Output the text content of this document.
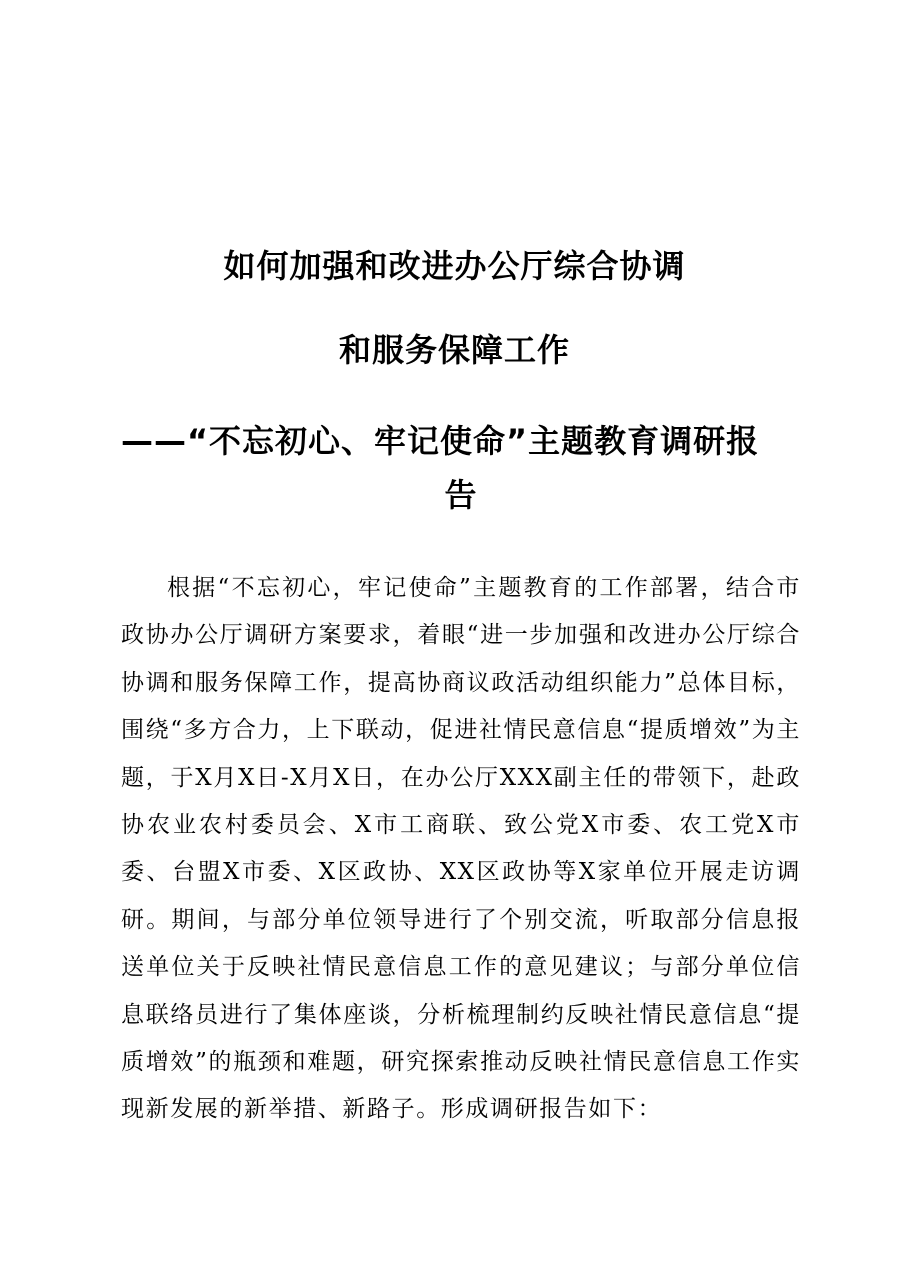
如何加强和改进办公厅综合协调
和服务保障工作
——“不忘初心、牢记使命”主题教育调研报
告

根据“不忘初心，牢记使命”主题教育的工作部署，结合市政协办公厅调研方案要求，着眼“进一步加强和改进办公厅综合协调和服务保障工作，提高协商议政活动组织能力”总体目标，围绕“多方合力，上下联动，促进社情民意信息“提质增效”为主题，于X月X日-X月X日，在办公厅XXX副主任的带领下，赴政协农业农村委员会、X市工商联、致公党X市委、农工党X市委、台盟X市委、X区政协、XX区政协等X家单位开展走访调研。期间，与部分单位领导进行了个别交流，听取部分信息报送单位关于反映社情民意信息工作的意见建议；与部分单位信息联络员进行了集体座谈，分析梳理制约反映社情民意信息“提质增效”的瓶颈和难题，研究探索推动反映社情民意信息工作实现新发展的新举措、新路子。形成调研报告如下：
